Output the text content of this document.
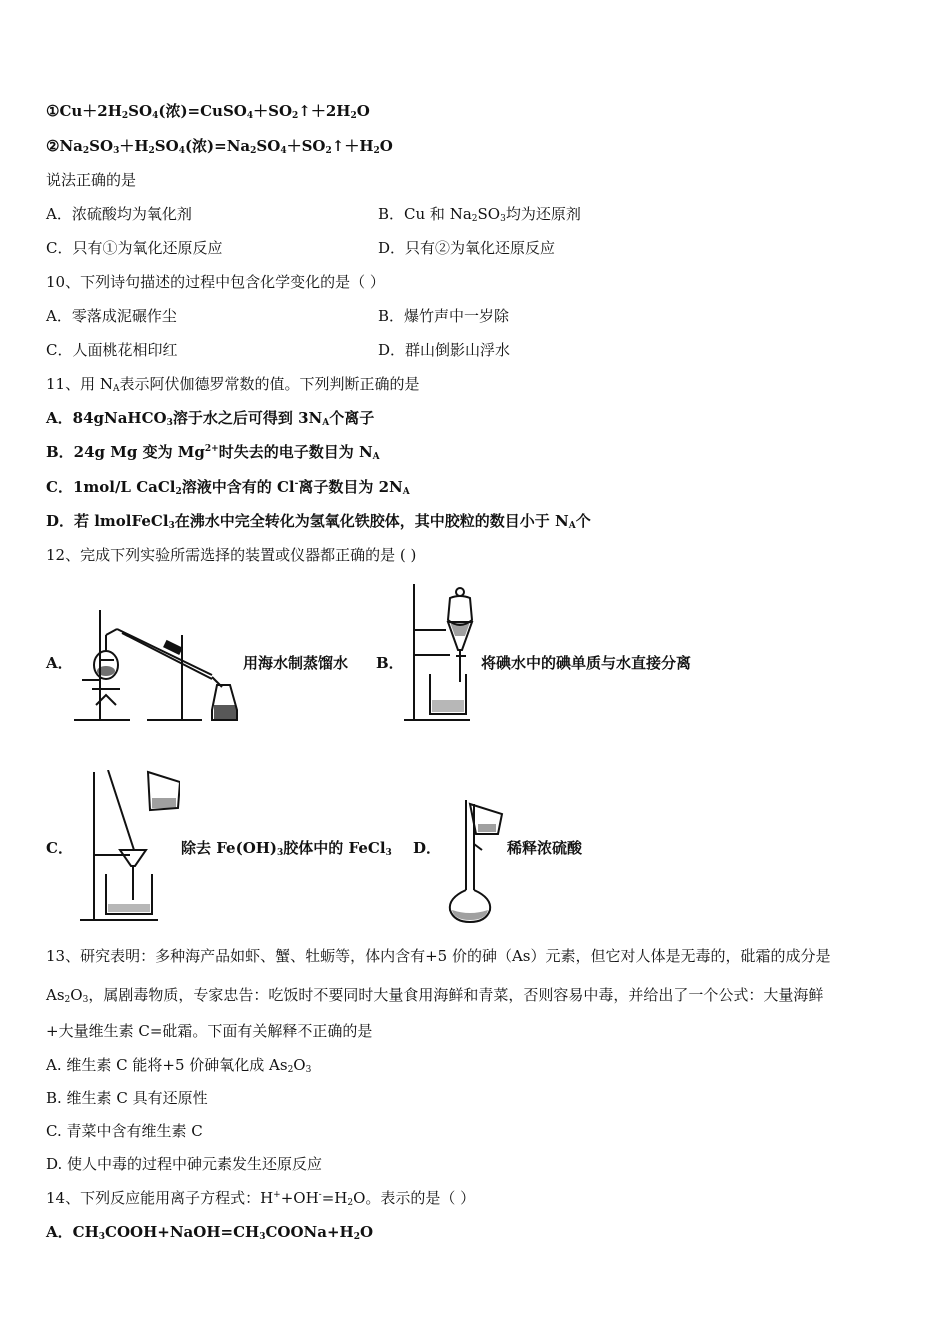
$①Cu+2H_2SO_4$(浓)$=CuSO_4+SO_2↑+2H_2O$
$②Na_2SO_3+H_2SO_4$(浓)$=Na_2SO_4+SO_2↑+H_2O$
说法正确的是
A．浓硫酸均为氧化剂	B．Cu 和 $Na_2SO_3$均为还原剂
C．只有①为氧化还原反应	D．只有②为氧化还原反应
10、下列诗句描述的过程中包含化学变化的是（ ）
A．零落成泥碾作尘	B．爆竹声中一岁除
C．人面桃花相印红	D．群山倒影山浮水
11、用 $N_A$表示阿伏伽德罗常数的值。下列判断正确的是
A．84gNaHCO$_3$溶于水之后可得到 $3N_A$个离子
B．24g Mg 变为 $Mg^{2+}$时失去的电子数目为 $N_A$
C．1mol/L CaCl$_2$溶液中含有的 Cl-离子数目为 $2N_A$
D．若 lmolFeCl$_3$在沸水中完全转化为氢氧化铁胶体，其中胶粒的数目小于 $N_A$个
12、完成下列实验所需选择的装置或仪器都正确的是 ( )
A．	用海水制蒸馏水 B．	将碘水中的碘单质与水直接分离
C．	除去 $Fe(OH)_3$胶体中的 FeCl$_3$ D．	稀释浓硫酸
13、研究表明：多种海产品如虾、蟹、牡蛎等，体内含有+5 价的砷（As）元素，但它对人体是无毒的，砒霜的成分是
$As_2O_3$，属剧毒物质，专家忠告：吃饭时不要同时大量食用海鲜和青菜，否则容易中毒，并给出了一个公式：大量海鲜
+大量维生素 C=砒霜。下面有关解释不正确的是
A. 维生素 C 能将+5 价砷氧化成 $As_2O_3$
B. 维生素 C 具有还原性
C. 青菜中含有维生素 C
D. 使人中毒的过程中砷元素发生还原反应
14、下列反应能用离子方程式：$H^++OH^-=H_2O$。表示的是（ ）
A．$CH_3COOH+NaOH=CH_3COONa+H_2O$
